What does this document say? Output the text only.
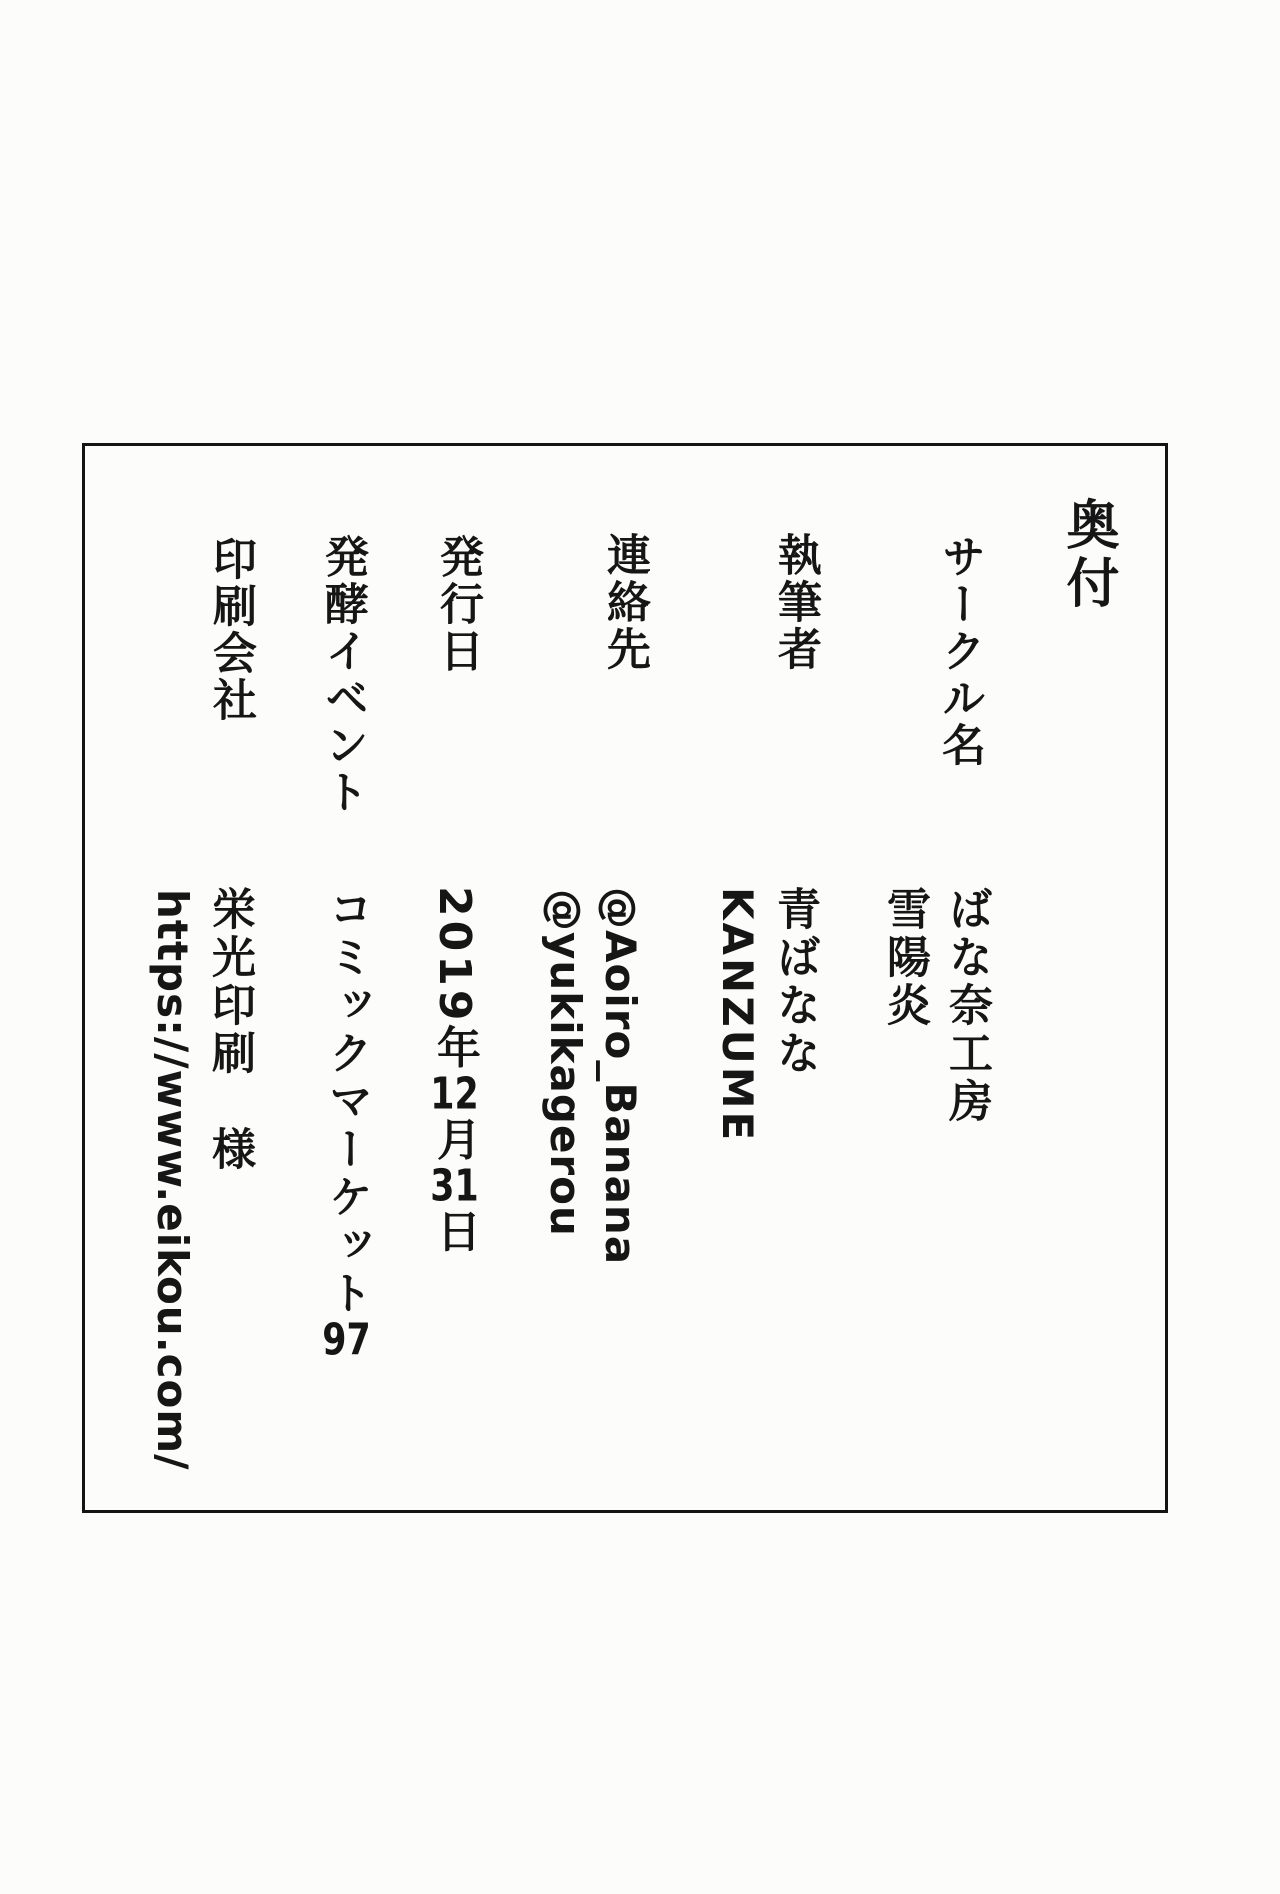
奥付
サークル名
ばな奈工房
雪陽炎
執筆者
青ばなな
KANZUME
連絡先
@Aoiro_Banana
@yukikagerou
発行日
2019年12月31日
発酵イベント
コミックマーケット97
印刷会社
栄光印刷　様
https://www.eikou.com/
